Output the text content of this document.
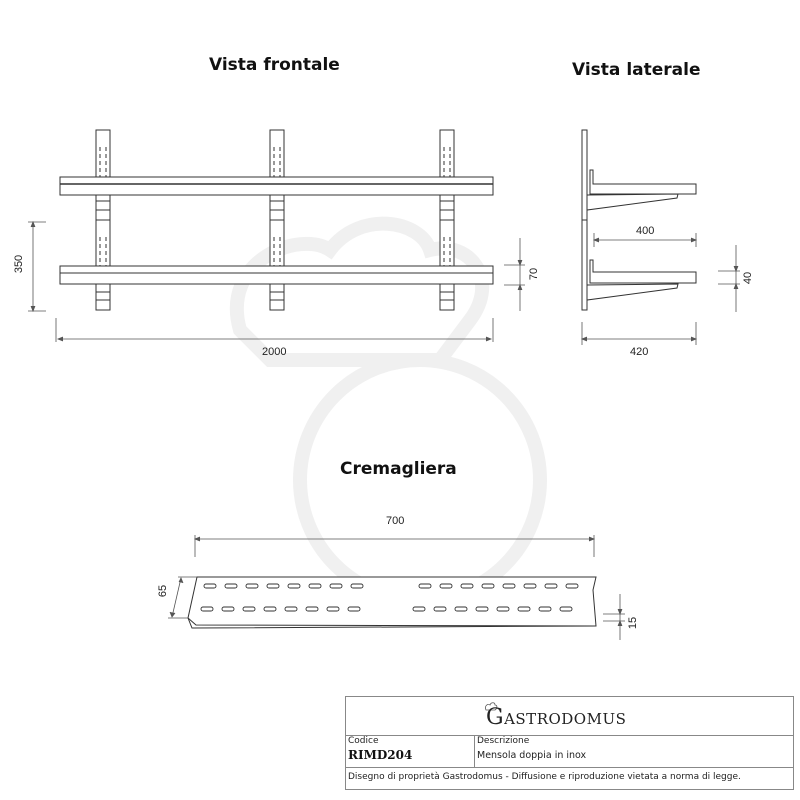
Vista frontale	Vista laterale
Cremagliera
350
2000
70
400
420
40
700
65
15
GASTRODOMUS
Codice
RIMD204
Descrizione
Mensola doppia in inox
Disegno di proprietà Gastrodomus - Diffusione e riproduzione vietata a norma di legge.
